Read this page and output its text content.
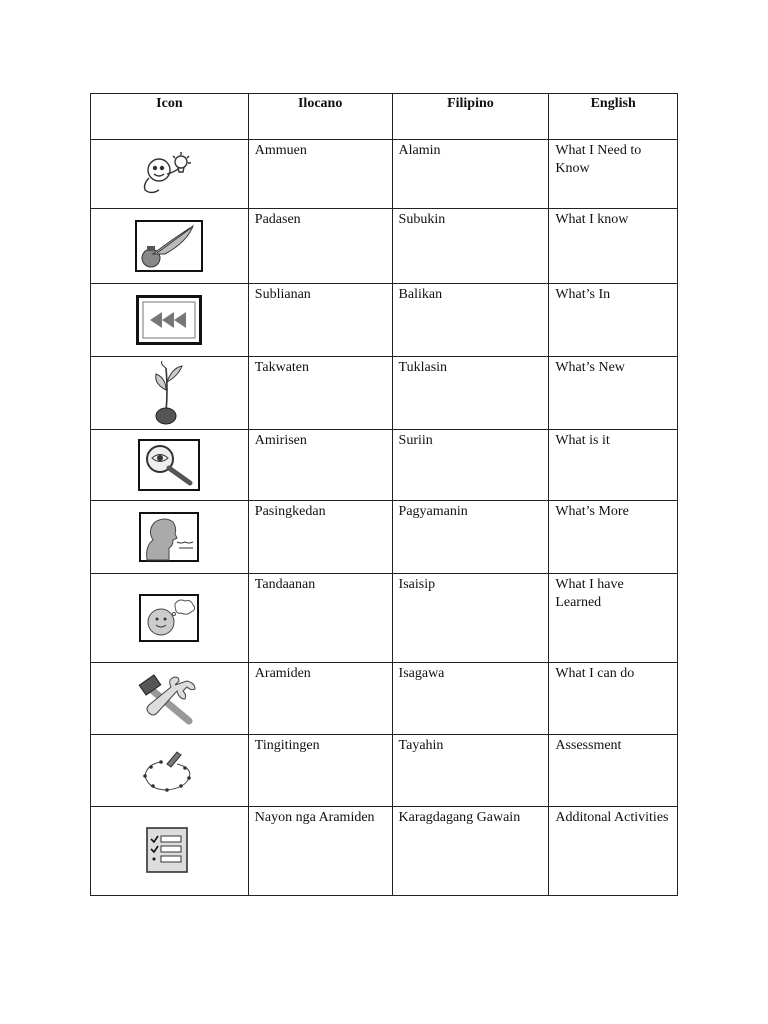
Icon	Ilocano	Filipino	English

	Ammuen	Alamin	What I Need to Know

	Padasen	Subukin	What I know

	Sublianan	Balikan	What’s In

	Takwaten	Tuklasin	What’s New

	Amirisen	Suriin	What is it

	Pasingkedan	Pagyamanin	What’s More

	Tandaanan	Isaisip	What I have Learned

	Aramiden	Isagawa	What I can do

	Tingitingen	Tayahin	Assessment

	Nayon nga Aramiden	Karagdagang Gawain	Additonal Activities
